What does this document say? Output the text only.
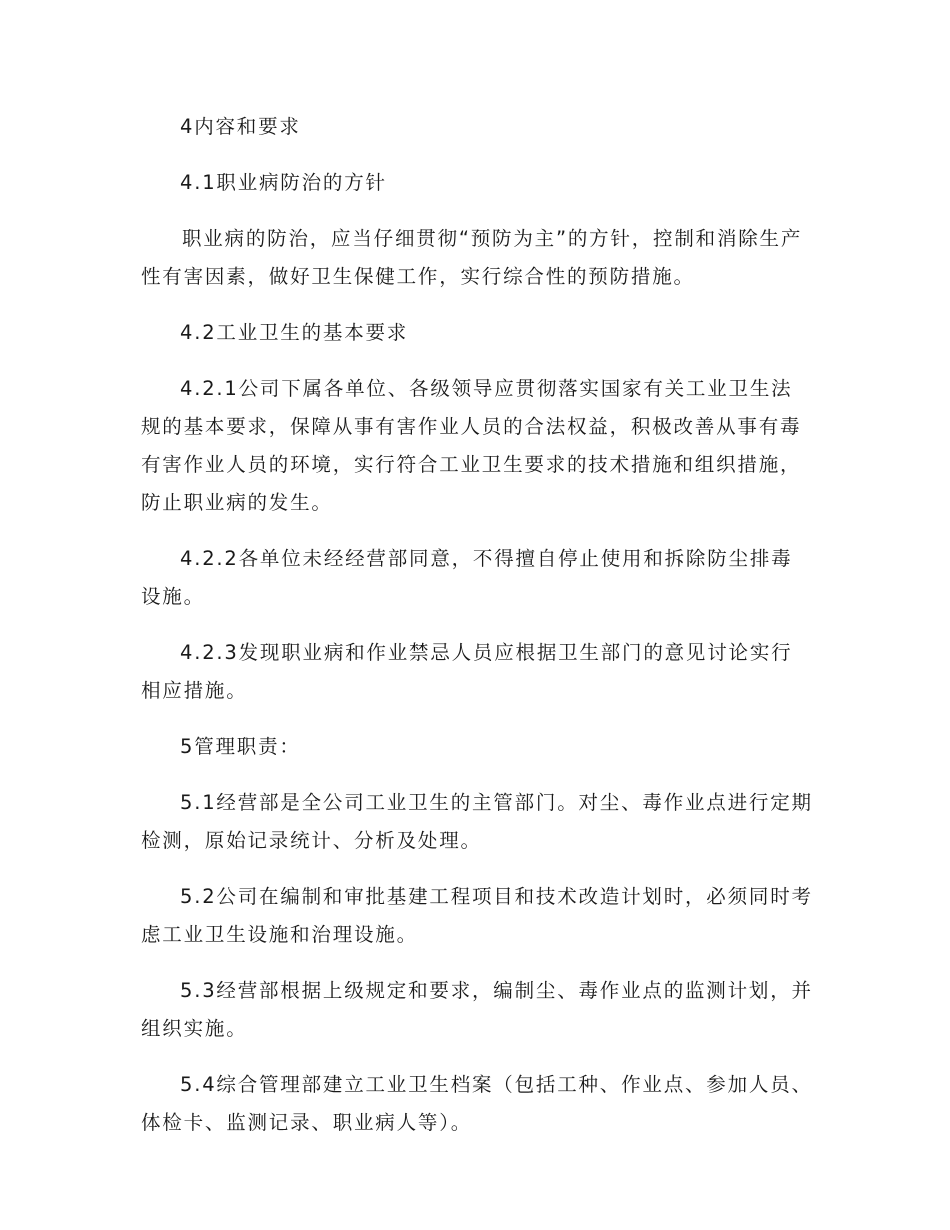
4内容和要求

4.1职业病防治的方针

职业病的防治，应当仔细贯彻“预防为主”的方针，控制和消除生产性有害因素，做好卫生保健工作，实行综合性的预防措施。

4.2工业卫生的基本要求

4.2.1公司下属各单位、各级领导应贯彻落实国家有关工业卫生法规的基本要求，保障从事有害作业人员的合法权益，积极改善从事有毒有害作业人员的环境，实行符合工业卫生要求的技术措施和组织措施，防止职业病的发生。

4.2.2各单位未经经营部同意，不得擅自停止使用和拆除防尘排毒设施。

4.2.3发现职业病和作业禁忌人员应根据卫生部门的意见讨论实行相应措施。

5管理职责：

5.1经营部是全公司工业卫生的主管部门。对尘、毒作业点进行定期检测，原始记录统计、分析及处理。

5.2公司在编制和审批基建工程项目和技术改造计划时，必须同时考虑工业卫生设施和治理设施。

5.3经营部根据上级规定和要求，编制尘、毒作业点的监测计划，并组织实施。

5.4综合管理部建立工业卫生档案（包括工种、作业点、参加人员、体检卡、监测记录、职业病人等）。
